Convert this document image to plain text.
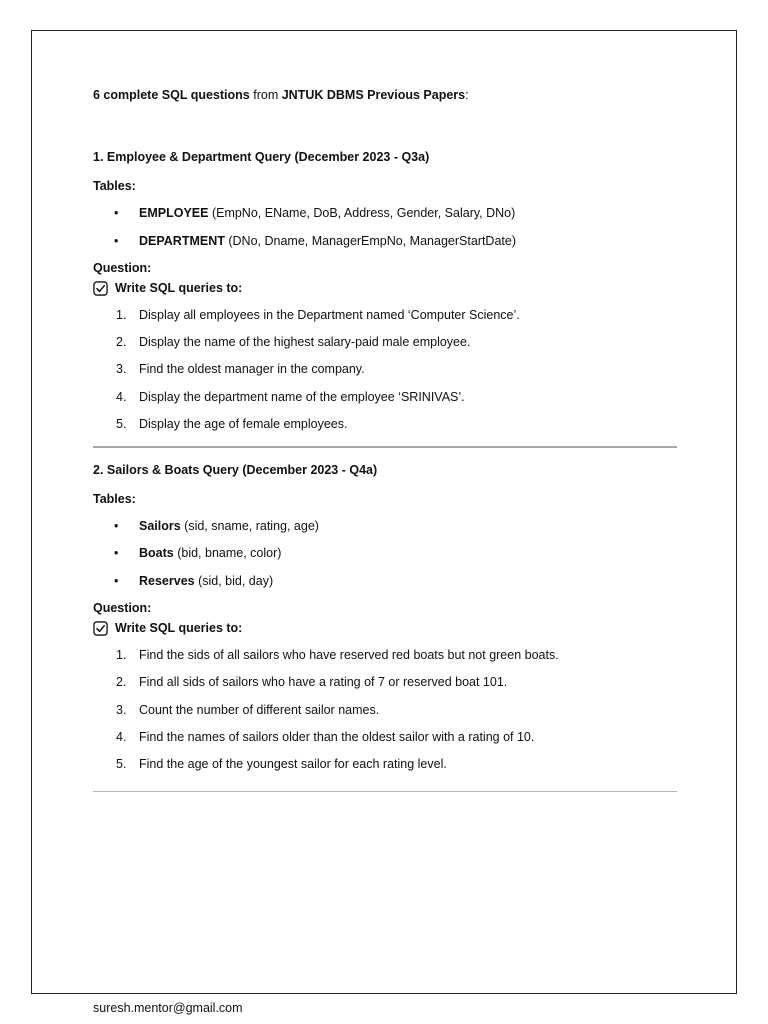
6 complete SQL questions from JNTUK DBMS Previous Papers:

1. Employee & Department Query (December 2023 - Q3a)

Tables:

• EMPLOYEE (EmpNo, EName, DoB, Address, Gender, Salary, DNo)
• DEPARTMENT (DNo, Dname, ManagerEmpNo, ManagerStartDate)

Question:

Write SQL queries to:
1. Display all employees in the Department named ‘Computer Science’.
2. Display the name of the highest salary-paid male employee.
3. Find the oldest manager in the company.
4. Display the department name of the employee ‘SRINIVAS’.
5. Display the age of female employees.

2. Sailors & Boats Query (December 2023 - Q4a)

Tables:

• Sailors (sid, sname, rating, age)
• Boats (bid, bname, color)
• Reserves (sid, bid, day)

Question:

Write SQL queries to:
1. Find the sids of all sailors who have reserved red boats but not green boats.
2. Find all sids of sailors who have a rating of 7 or reserved boat 101.
3. Count the number of different sailor names.
4. Find the names of sailors older than the oldest sailor with a rating of 10.
5. Find the age of the youngest sailor for each rating level.
suresh.mentor@gmail.com
